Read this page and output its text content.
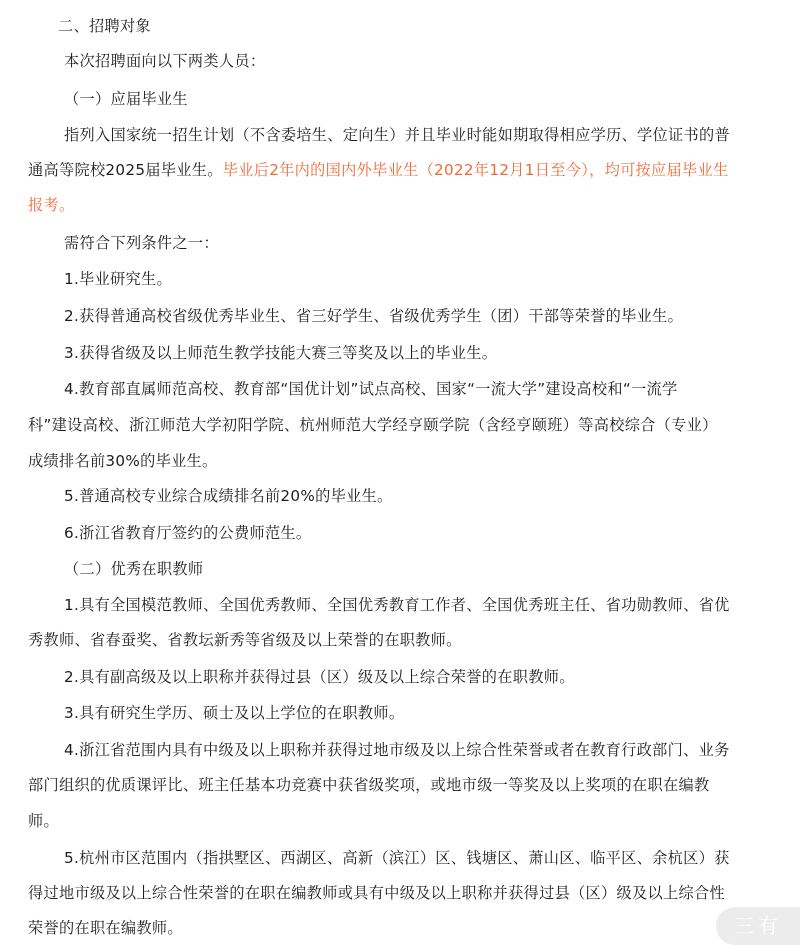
二、招聘对象
本次招聘面向以下两类人员：
（一）应届毕业生
指列入国家统一招生计划（不含委培生、定向生）并且毕业时能如期取得相应学历、学位证书的普
通高等院校2025届毕业生。毕业后2年内的国内外毕业生（2022年12月1日至今），均可按应届毕业生
报考。
需符合下列条件之一：
1.毕业研究生。
2.获得普通高校省级优秀毕业生、省三好学生、省级优秀学生（团）干部等荣誉的毕业生。
3.获得省级及以上师范生教学技能大赛三等奖及以上的毕业生。
4.教育部直属师范高校、教育部“国优计划”试点高校、国家“一流大学”建设高校和“一流学
科”建设高校、浙江师范大学初阳学院、杭州师范大学经亨颐学院（含经亨颐班）等高校综合（专业）
成绩排名前30%的毕业生。
5.普通高校专业综合成绩排名前20%的毕业生。
6.浙江省教育厅签约的公费师范生。
（二）优秀在职教师
1.具有全国模范教师、全国优秀教师、全国优秀教育工作者、全国优秀班主任、省功勋教师、省优
秀教师、省春蚕奖、省教坛新秀等省级及以上荣誉的在职教师。
2.具有副高级及以上职称并获得过县（区）级及以上综合荣誉的在职教师。
3.具有研究生学历、硕士及以上学位的在职教师。
4.浙江省范围内具有中级及以上职称并获得过地市级及以上综合性荣誉或者在教育行政部门、业务
部门组织的优质课评比、班主任基本功竞赛中获省级奖项，或地市级一等奖及以上奖项的在职在编教
师。
5.杭州市区范围内（指拱墅区、西湖区、高新（滨江）区、钱塘区、萧山区、临平区、余杭区）获
得过地市级及以上综合性荣誉的在职在编教师或具有中级及以上职称并获得过县（区）级及以上综合性
荣誉的在职在编教师。	三有
